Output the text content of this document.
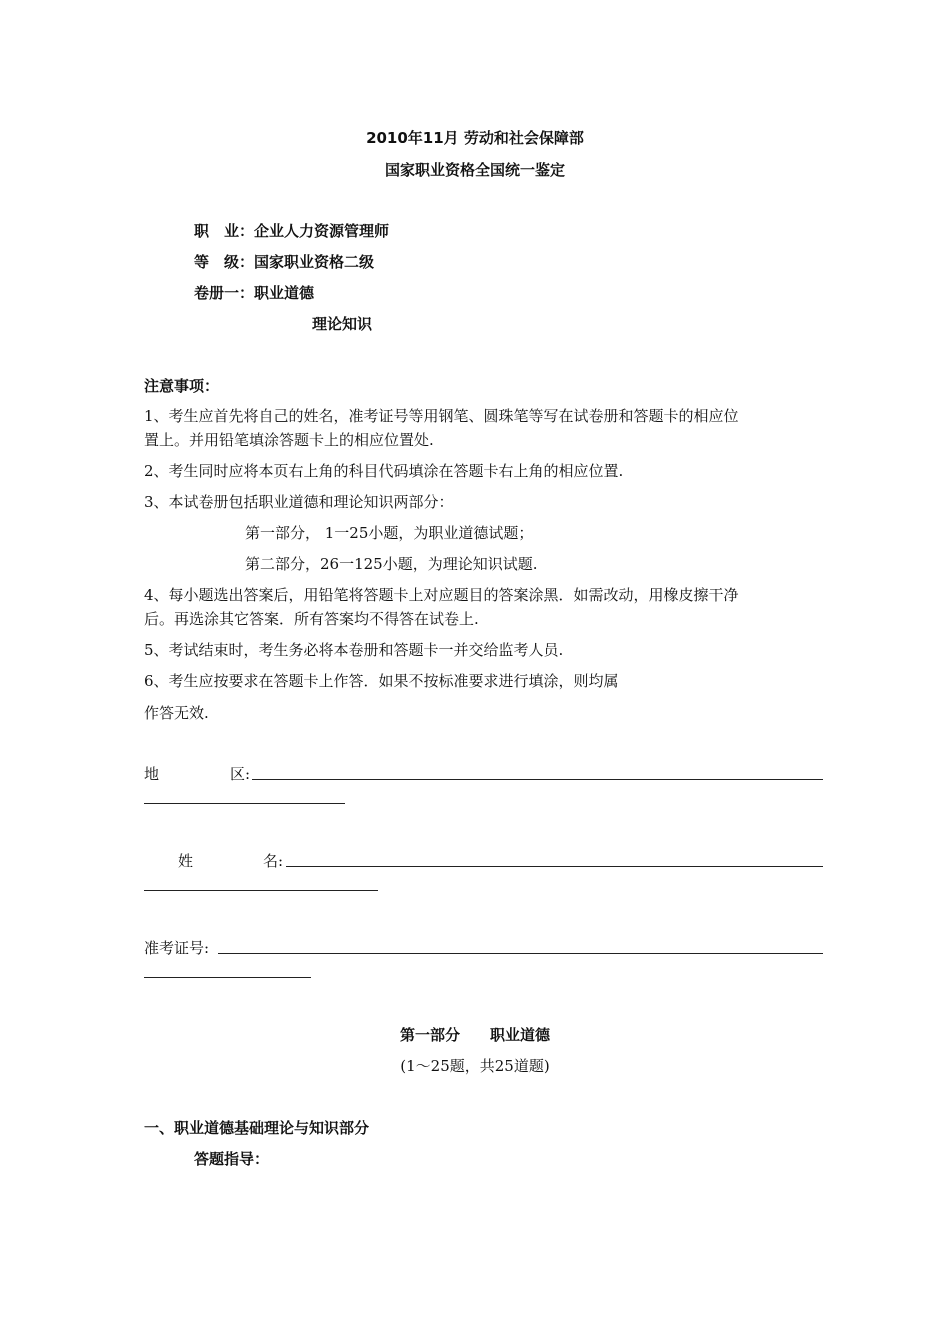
2010年11月 劳动和社会保障部
国家职业资格全国统一鉴定
职　业：企业人力资源管理师
等　级：国家职业资格二级
卷册一：职业道德
理论知识
注意事项：
1、考生应首先将自己的姓名，准考证号等用钢笔、圆珠笔等写在试卷册和答题卡的相应位
置上。并用铅笔填涂答题卡上的相应位置处.
2、考生同时应将本页右上角的科目代码填涂在答题卡右上角的相应位置.
3、本试卷册包括职业道德和理论知识两部分：
第一部分， 1一25小题，为职业道德试题；
第二部分，26一125小题，为理论知识试题.
4、每小题选出答案后，用铅笔将答题卡上对应题目的答案涂黑．如需改动，用橡皮擦干净
后。再选涂其它答案．所有答案均不得答在试卷上.
5、考试结束时，考生务必将本卷册和答题卡一并交给监考人员.
6、考生应按要求在答题卡上作答．如果不按标准要求进行填涂，则均属
作答无效.
地	区:
姓	名:
准考证号:
第一部分　　职业道德
(1～25题，共25道题)
一、职业道德基础理论与知识部分
答题指导：
